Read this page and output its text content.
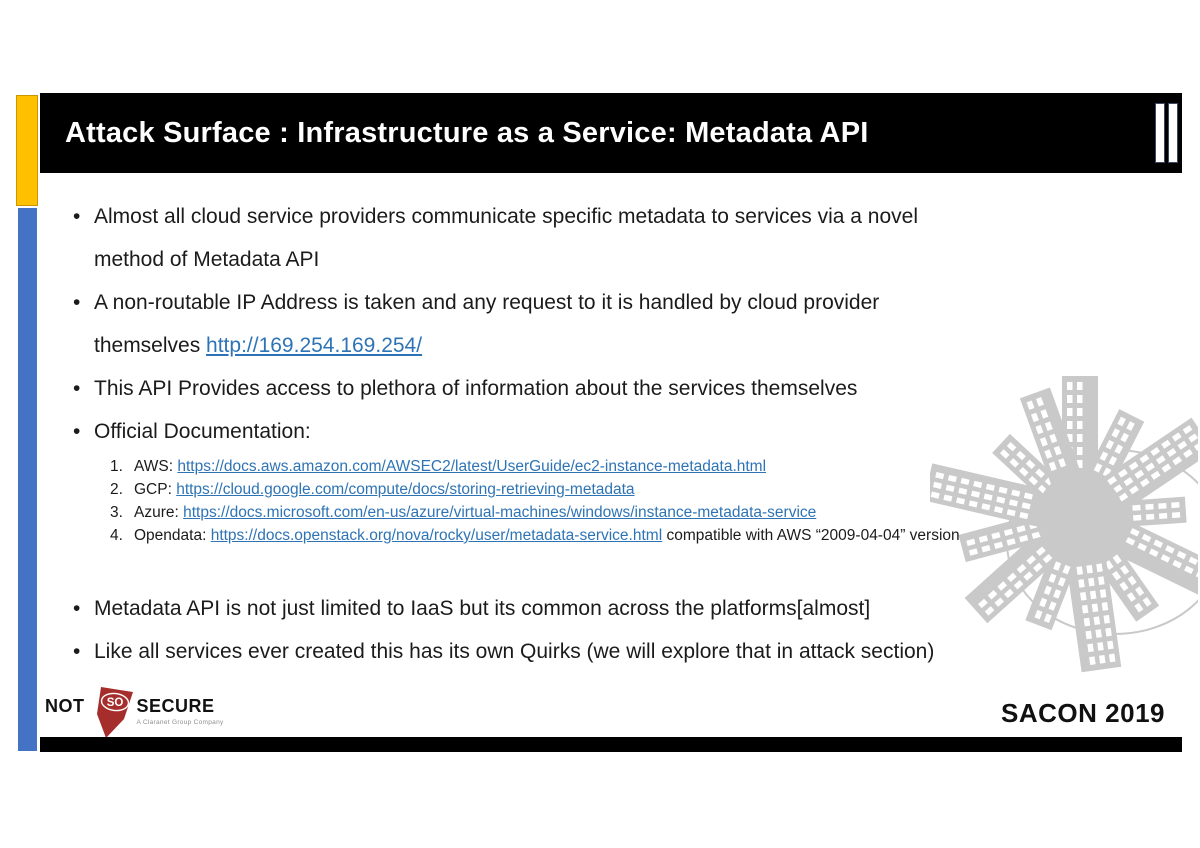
Attack Surface : Infrastructure as a Service: Metadata API
• Almost all cloud service providers communicate specific metadata to services via a novel
method of Metadata API
• A non-routable IP Address is taken and any request to it is handled by cloud provider
themselves http://169.254.169.254/
• This API Provides access to plethora of information about the services themselves
• Official Documentation:
1. AWS: https://docs.aws.amazon.com/AWSEC2/latest/UserGuide/ec2-instance-metadata.html
2. GCP: https://cloud.google.com/compute/docs/storing-retrieving-metadata
3. Azure: https://docs.microsoft.com/en-us/azure/virtual-machines/windows/instance-metadata-service
4. Opendata: https://docs.openstack.org/nova/rocky/user/metadata-service.html compatible with AWS “2009-04-04” version
• Metadata API is not just limited to IaaS but its common across the platforms[almost]
• Like all services ever created this has its own Quirks (we will explore that in attack section)
NOT SO SECURE
A Claranet Group Company	SACON 2019
